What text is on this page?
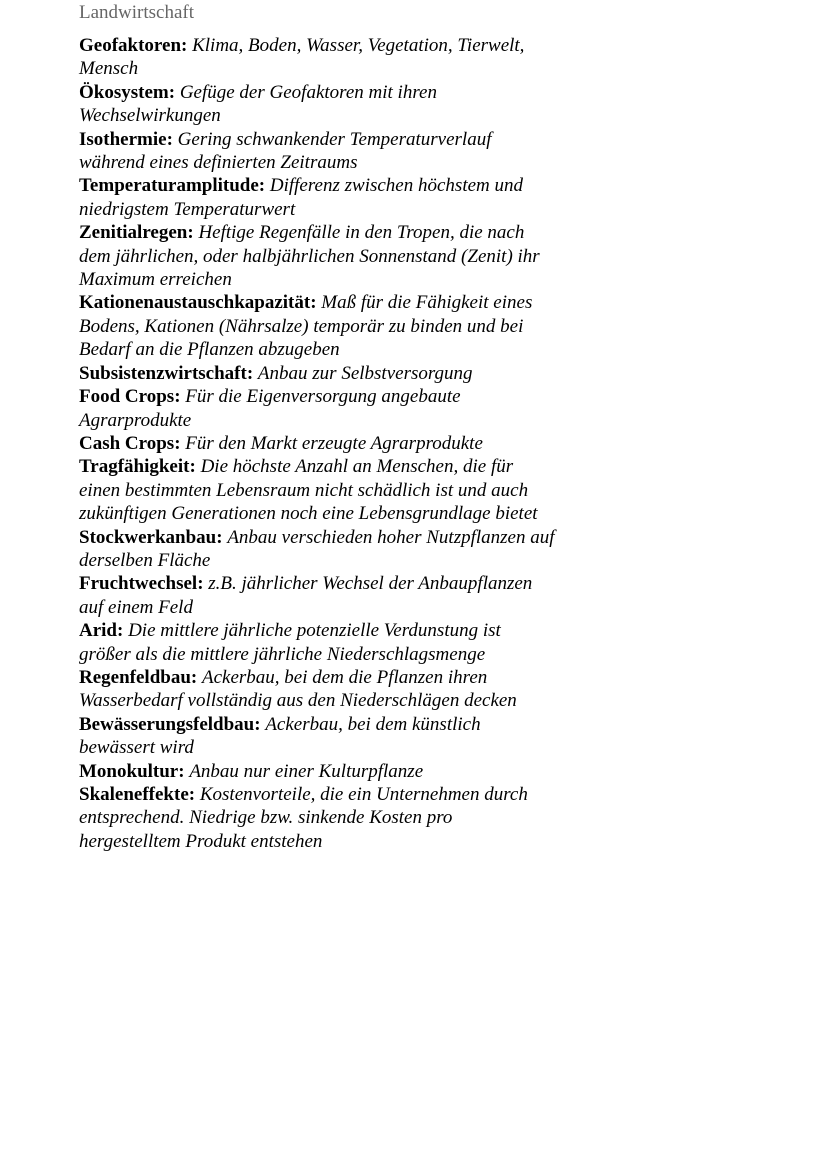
Landwirtschaft
Geofaktoren: Klima, Boden, Wasser, Vegetation, Tierwelt,
Mensch
Ökosystem: Gefüge der Geofaktoren mit ihren
Wechselwirkungen
Isothermie: Gering schwankender Temperaturverlauf
während eines definierten Zeitraums
Temperaturamplitude: Differenz zwischen höchstem und
niedrigstem Temperaturwert
Zenitialregen: Heftige Regenfälle in den Tropen, die nach
dem jährlichen, oder halbjährlichen Sonnenstand (Zenit) ihr
Maximum erreichen
Kationenaustauschkapazität: Maß für die Fähigkeit eines
Bodens, Kationen (Nährsalze) temporär zu binden und bei
Bedarf an die Pflanzen abzugeben
Subsistenzwirtschaft: Anbau zur Selbstversorgung
Food Crops: Für die Eigenversorgung angebaute
Agrarprodukte
Cash Crops: Für den Markt erzeugte Agrarprodukte
Tragfähigkeit: Die höchste Anzahl an Menschen, die für
einen bestimmten Lebensraum nicht schädlich ist und auch
zukünftigen Generationen noch eine Lebensgrundlage bietet
Stockwerkanbau: Anbau verschieden hoher Nutzpflanzen auf
derselben Fläche
Fruchtwechsel: z.B. jährlicher Wechsel der Anbaupflanzen
auf einem Feld
Arid: Die mittlere jährliche potenzielle Verdunstung ist
größer als die mittlere jährliche Niederschlagsmenge
Regenfeldbau: Ackerbau, bei dem die Pflanzen ihren
Wasserbedarf vollständig aus den Niederschlägen decken
Bewässerungsfeldbau: Ackerbau, bei dem künstlich
bewässert wird
Monokultur: Anbau nur einer Kulturpflanze
Skaleneffekte: Kostenvorteile, die ein Unternehmen durch
entsprechend. Niedrige bzw. sinkende Kosten pro
hergestelltem Produkt entstehen
